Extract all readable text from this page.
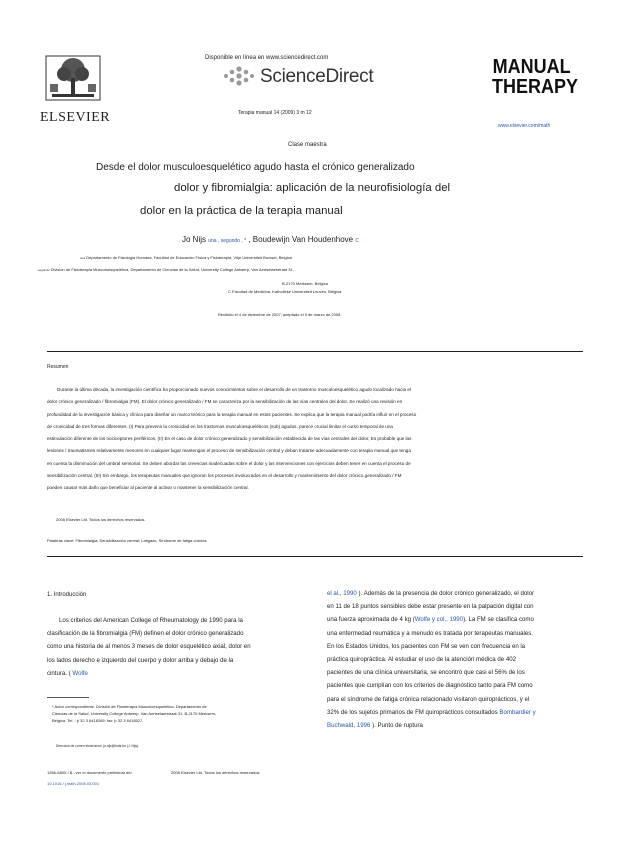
ELSEVIER
Disponible en línea en www.sciencedirect.com
ScienceDirect
Terapia manual 14 (2009) 3 m 12
MANUAL
THERAPY
www.elsevier.com/math
Clase maestra
Desde el dolor musculoesquelético agudo hasta el crónico generalizado
dolor y fibromialgia: aplicación de la neurofisiología del
dolor en la práctica de la terapia manual
Jo Nijs una , segundo , * , Boudewijn Van Houdenhove C
una Departamento de Fisiología Humana, Facultad de Educación Física y Fisioterapia, Vrije Universiteit Brussel, Bélgica
segundo División de Fisioterapia Musculoesquelética, Departamento de Ciencias de la Salud, University College Antwerp, Van Aertselaerstraat 31,
B-2170 Merksem, Bélgica
C Facultad de Medicina, Katholieke Universiteit Leuven, Bélgica
Recibido el 4 de diciembre de 2007; aceptado el 9 de marzo de 2008
Resumen
Durante la última década, la investigación científica ha proporcionado nuevos conocimientos sobre el desarrollo de un trastorno musculoesquelético agudo localizado hacia el
dolor crónico generalizado / fibromialgia (FM). El dolor crónico generalizado / FM se caracteriza por la sensibilización de las vías centrales del dolor. Se realizó una revisión en
profundidad de la investigación básica y clínica para diseñar un marco teórico para la terapia manual en estos pacientes. Se explica que la terapia manual podría influir en el proceso
de cronicidad de tres formas diferentes. (I) Para prevenir la cronicidad en los trastornos musculoesqueléticos (sub) agudos, parece crucial limitar el curso temporal de una
estimulación diferente de los nociceptores periféricos. (II) En el caso de dolor crónico generalizado y sensibilización establecida de las vías centrales del dolor, Es probable que las
lesiones / traumatismes relativamente menores en cualquier lugar mantengan el proceso de sensibilización central y deban tratarse adecuadamente con terapia manual que tenga
en cuenta la disminución del umbral sensorial. Se deben abordar las creencias inadecuadas sobre el dolor y las intervenciones con ejercicios deben tener en cuenta el proceso de
sensibilización central. (III) Sin embargo, los terapeutas manuales que ignoran los procesos involucrados en el desarrollo y mantenimiento del dolor crónico generalizado / FM
pueden causar más daño que beneficiar al paciente al activar o mantener la sensibilización central.
2008 Elsevier Ltd. Todos los derechos reservados.
Palabras clave: Fibromialgia; Sensibilización central; Latigazo; Síndrome de fatiga crónica
1. Introducción
Los criterios del American College of Rheumatology de 1990 para la
clasificación de la fibromialgia (FM) definen el dolor crónico generalizado
como una historia de al menos 3 meses de dolor esquelético axial, dolor en
los lados derecho e izquierdo del cuerpo y dolor arriba y debajo de la
cintura. ( Wolfe
el al., 1990 ). Además de la presencia de dolor crónico generalizado, el dolor
en 11 de 18 puntos sensibles debe estar presente en la palpación digital con
una fuerza aproximada de 4 kg (Wolfe y col., 1990). La FM se clasifica como
una enfermedad reumática y a menudo es tratada por terapeutas manuales.
En los Estados Unidos, los pacientes con FM se ven con frecuencia en la
práctica quiropráctica. Al estudiar el uso de la atención médica de 402
pacientes de una clínica universitaria, se encontró que casi el 56% de los
pacientes que cumplían con los criterios de diagnóstico tanto para FM como
para el síndrome de fatiga crónica relacionado visitaron quiroprácticos, y el
32% de los sujetos primarios de FM quiroprácticos consultados Bombardier y
Buchwald, 1996 ). Punto de ruptura
* Autor correspondiente. División de Fisioterapia Musculoesquelética, Departamento de
Ciencias de la Salud, University College Antwerp, Van Aertselaerstraat 31, B-2170 Merksem,
Bélgica. Tel .: þ 32 3 6418265; fax: þ 32 3 6418527.
Dirección de correo electrónico: jo.nijs@hubr.be (J. Nijs).
1356-689X / $ - ver el documento preliminar del	2008 Elsevier Ltd. Todos los derechos reservados.
10.1016 / j.math.2008.03.001
